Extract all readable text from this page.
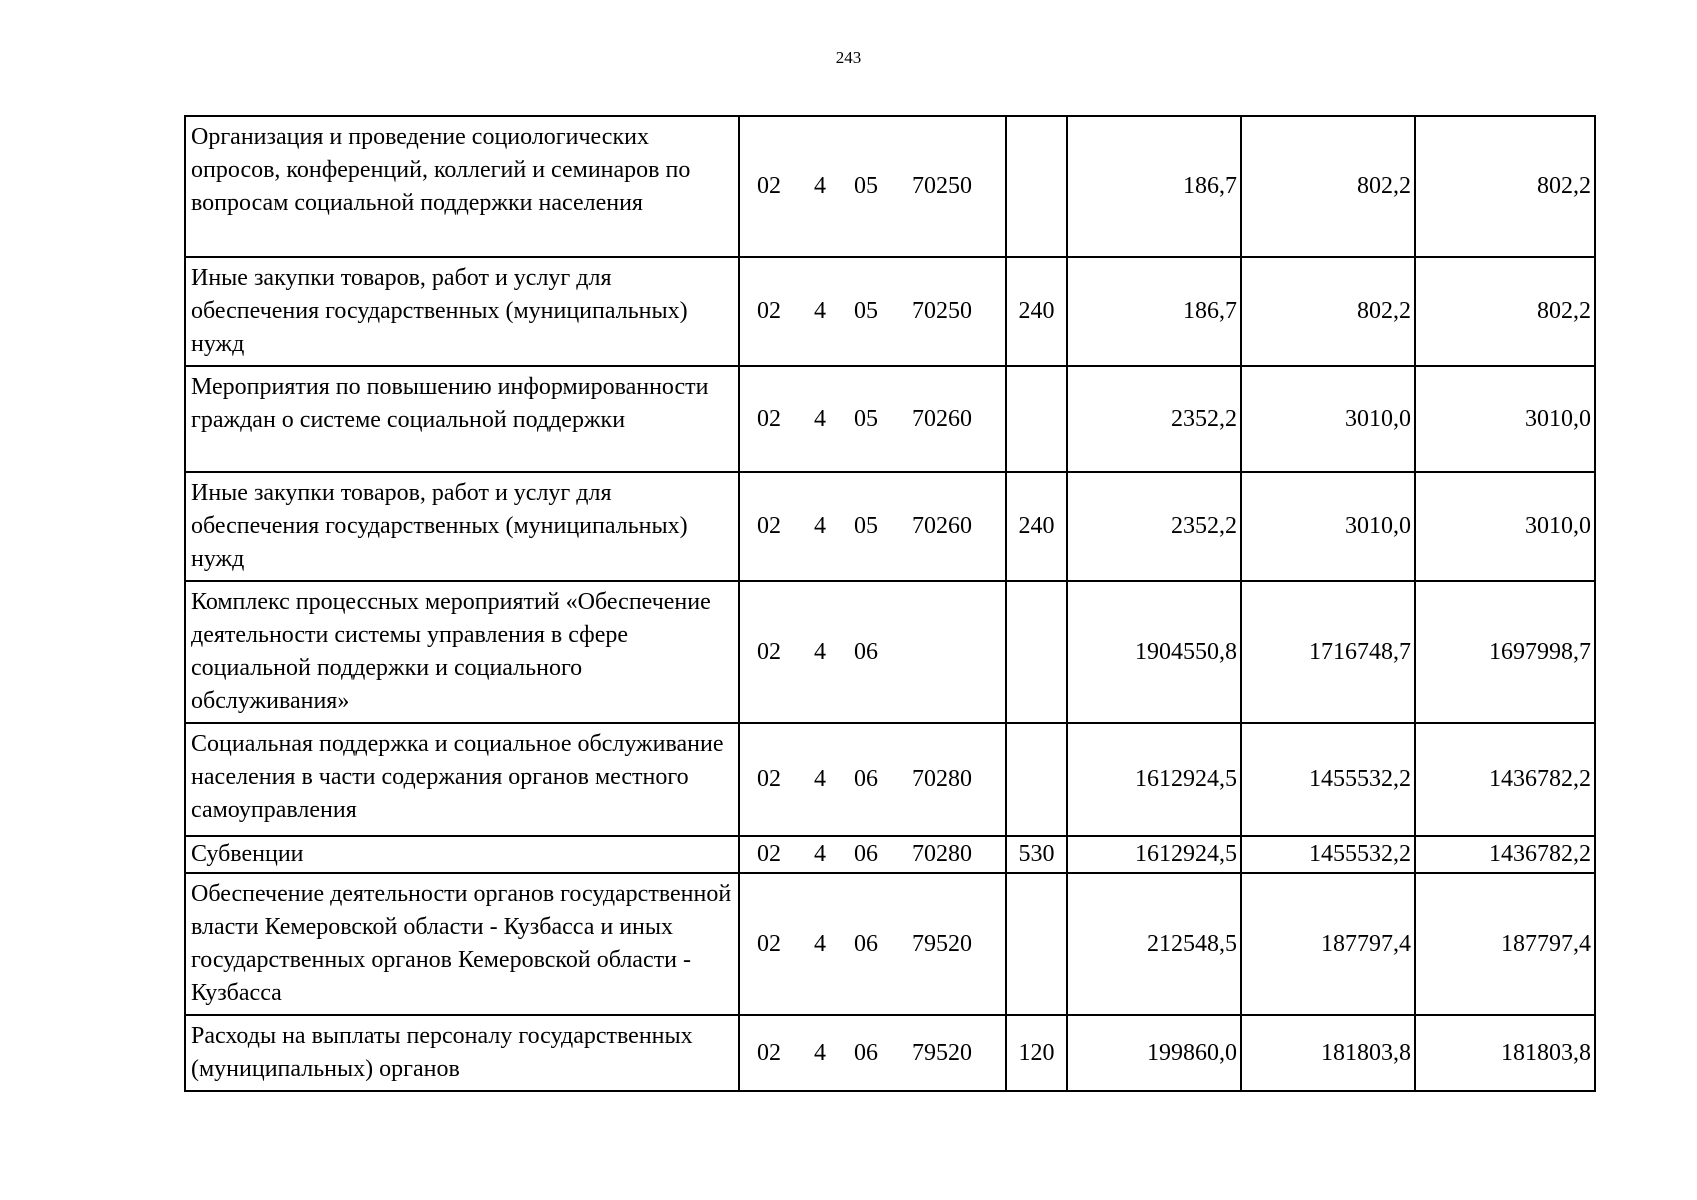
243
Организация и проведение социологических опросов, конференций, коллегий и семинаров по вопросам социальной поддержки населения	02 4 05 70250		186,7	802,2	802,2
Иные закупки товаров, работ и услуг для обеспечения государственных (муниципальных) нужд	02 4 05 70250	240	186,7	802,2	802,2
Мероприятия по повышению информированности граждан о системе социальной поддержки	02 4 05 70260		2352,2	3010,0	3010,0
Иные закупки товаров, работ и услуг для обеспечения государственных (муниципальных) нужд	02 4 05 70260	240	2352,2	3010,0	3010,0
Комплекс процессных мероприятий «Обеспечение деятельности системы управления в сфере социальной поддержки и социального обслуживания»	02 4 06		1904550,8	1716748,7	1697998,7
Социальная поддержка и социальное обслуживание населения в части содержания органов местного самоуправления	02 4 06 70280		1612924,5	1455532,2	1436782,2
Субвенции	02 4 06 70280	530	1612924,5	1455532,2	1436782,2
Обеспечение деятельности органов государственной власти Кемеровской области - Кузбасса и иных государственных органов Кемеровской области - Кузбасса	02 4 06 79520		212548,5	187797,4	187797,4
Расходы на выплаты персоналу государственных (муниципальных) органов	02 4 06 79520	120	199860,0	181803,8	181803,8
